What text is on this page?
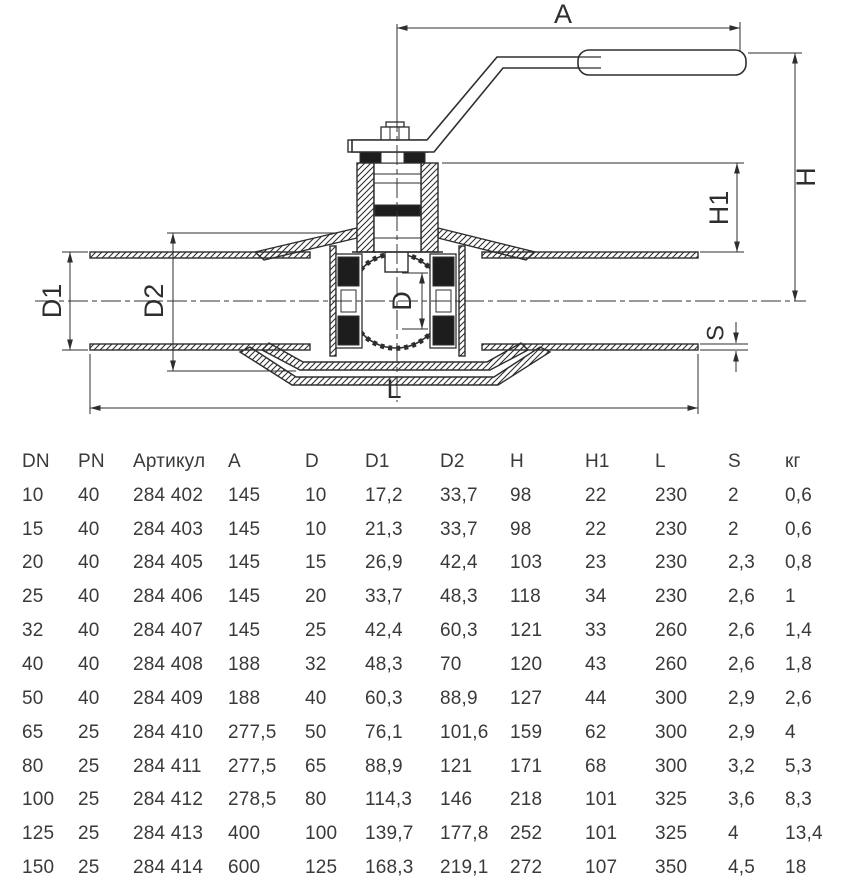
A
L
H
H1
D1	D2	D
S
DN	PN	Артикул	A	D	D1	D2	H	H1	L	S	кг
10	40	284 402	145	10	17,2	33,7	98	22	230	2	0,6
15	40	284 403	145	10	21,3	33,7	98	22	230	2	0,6
20	40	284 405	145	15	26,9	42,4	103	23	230	2,3	0,8
25	40	284 406	145	20	33,7	48,3	118	34	230	2,6	1
32	40	284 407	145	25	42,4	60,3	121	33	260	2,6	1,4
40	40	284 408	188	32	48,3	70	120	43	260	2,6	1,8
50	40	284 409	188	40	60,3	88,9	127	44	300	2,9	2,6
65	25	284 410	277,5	50	76,1	101,6	159	62	300	2,9	4
80	25	284 411	277,5	65	88,9	121	171	68	300	3,2	5,3
100	25	284 412	278,5	80	114,3	146	218	101	325	3,6	8,3
125	25	284 413	400	100	139,7	177,8	252	101	325	4	13,4
150	25	284 414	600	125	168,3	219,1	272	107	350	4,5	18
